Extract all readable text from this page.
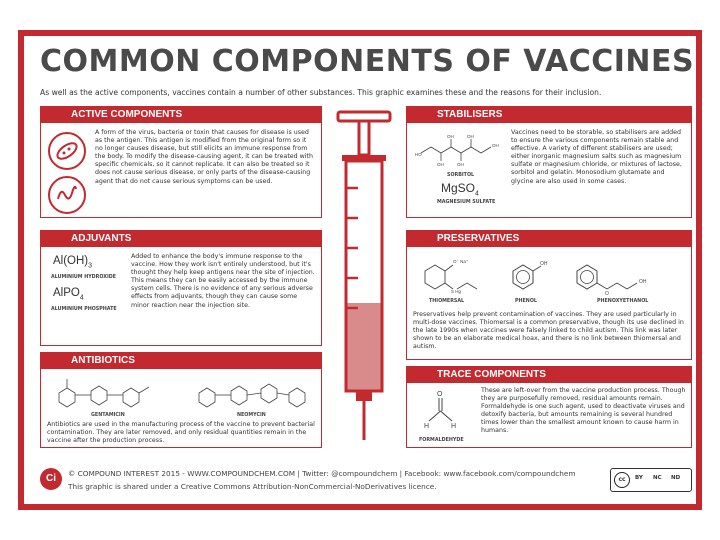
COMMON COMPONENTS OF VACCINES
As well as the active components, vaccines contain a number of other substances. This graphic examines these and the reasons for their inclusion.
ACTIVE COMPONENTS
A form of the virus, bacteria or toxin that causes for disease is used as the antigen. This antigen is modified from the original form so it no longer causes disease, but still elicits an immune response from the body. To modify the disease-causing agent, it can be treated with specific chemicals, so it cannot replicate. It can also be treated so it does not cause serious disease, or only parts of the disease-causing agent that do not cause serious symptoms can be used.
STABILISERS
HO
OH
OH	OH
OH	OH
SORBITOL
MgSO$_4$
MAGNESIUM SULFATE
Vaccines need to be storable, so stabilisers are added to ensure the various components remain stable and effective. A variety of different stabilisers are used; either inorganic magnesium salts such as magnesium sulfate or magnesium chloride, or mixtures of lactose, sorbitol and gelatin. Monosodium glutamate and glycine are also used in some cases.
ADJUVANTS
$Al(OH)_3$
ALUMINIUM HYDROXIDE
AlPO$_4$
ALUMINIUM PHOSPHATE
Added to enhance the body's immune response to the vaccine. How they work isn't entirely understood, but it's thought they help keep antigens near the site of injection. This means they can be easily accessed by the immune system cells. There is no evidence of any serious adverse effects from adjuvants, though they can cause some minor reaction near the injection site.
ANTIBIOTICS
GENTAMICIN	NEOMYCIN
Antibiotics are used in the manufacturing process of the vaccine to prevent bacterial contamination. They are later removed, and only residual quantities remain in the vaccine after the production process.
PRESERVATIVES
O⁻ Na⁺
S Hg
OH
O
OH
THIOMERSAL	PHENOL	PHENOXYETHANOL
Preservatives help prevent contamination of vaccines. They are used particularly in multi-dose vaccines. Thiomersal is a common preservative, though its use declined in the late 1990s when vaccines were falsely linked to child autism. This link was later shown to be an elaborate medical hoax, and there is no link between thiomersal and autism.
TRACE COMPONENTS
O
H	H
FORMALDEHYDE
These are left-over from the vaccine production process. Though they are purposefully removed, residual amounts remain. Formaldehyde is one such agent, used to deactivate viruses and detoxify bacteria, but amounts remaining is several hundred times lower than the smallest amount known to cause harm in humans.
Ci	© COMPOUND INTEREST 2015 - WWW.COMPOUNDCHEM.COM | Twitter: @compoundchem | Facebook: www.facebook.com/compoundchem
This graphic is shared under a Creative Commons Attribution-NonCommercial-NoDerivatives licence.
cc	BY NC ND
